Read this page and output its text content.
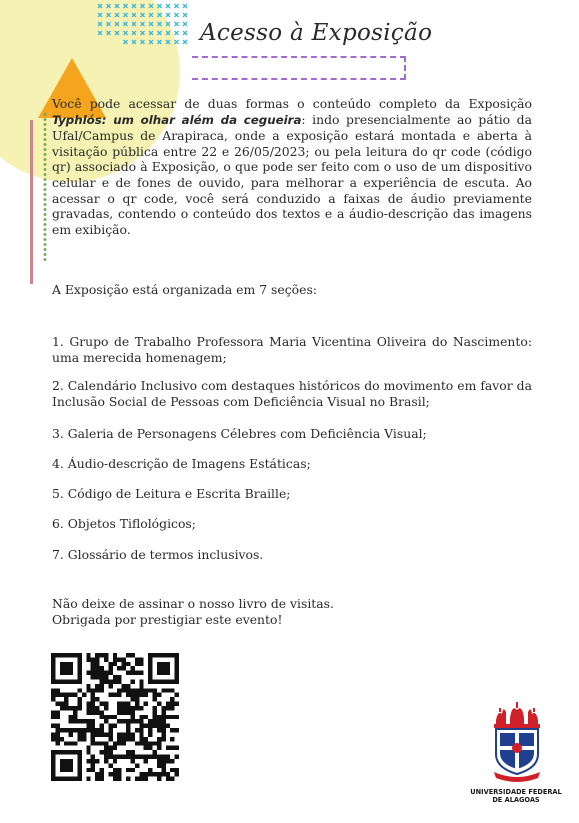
Acesso à Exposição
Você pode acessar de duas formas o conteúdo completo da Exposição Typhlós: um olhar além da cegueira: indo presencialmente ao pátio da Ufal/Campus de Arapiraca, onde a exposição estará montada e aberta à visitação pública entre 22 e 26/05/2023; ou pela leitura do qr code (código qr) associado à Exposição, o que pode ser feito com o uso de um dispositivo celular e de fones de ouvido, para melhorar a experiência de escuta. Ao acessar o qr code, você será conduzido a faixas de áudio previamente gravadas, contendo o conteúdo dos textos e a áudio-descrição das imagens em exibição.
A Exposição está organizada em 7 seções:
1. Grupo de Trabalho Professora Maria Vicentina Oliveira do Nascimento: uma merecida homenagem;
2. Calendário Inclusivo com destaques históricos do movimento em favor da Inclusão Social de Pessoas com Deficiência Visual no Brasil;
3. Galeria de Personagens Célebres com Deficiência Visual;
4. Áudio-descrição de Imagens Estáticas;
5. Código de Leitura e Escrita Braille;
6. Objetos Tiflológicos;
7. Glossário de termos inclusivos.
Não deixe de assinar o nosso livro de visitas.
Obrigada por prestigiar este evento!
UNIVERSIDADE FEDERAL
DE ALAGOAS
